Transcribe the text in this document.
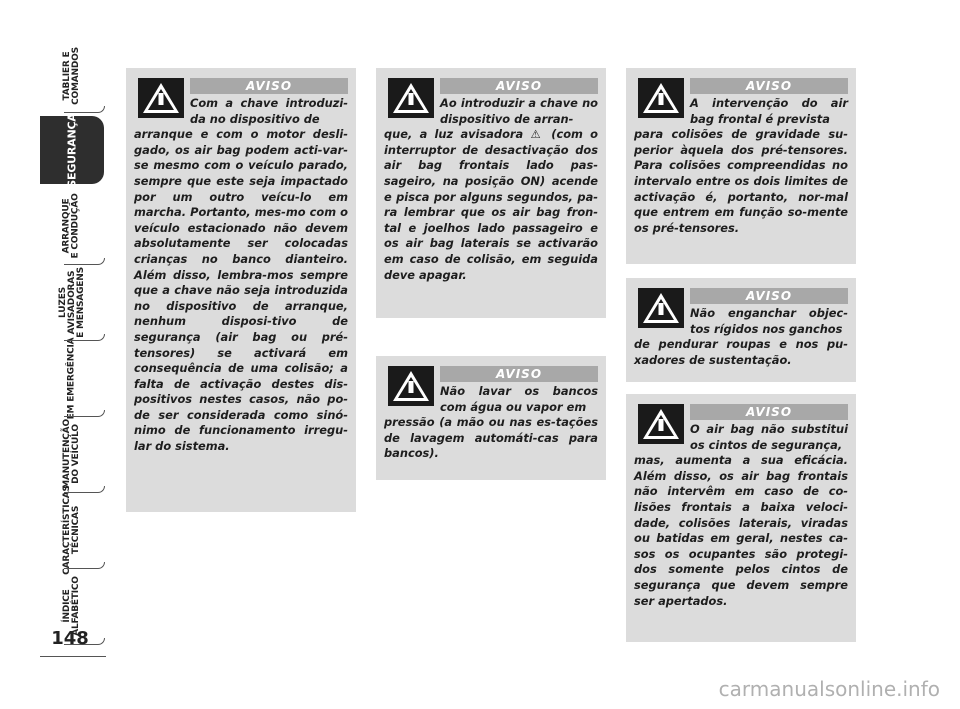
TABLIER E
COMANDOS
SEGURANÇA
ARRANQUE
E CONDUÇÃO
LUZES
AVISADORAS
E MENSAGENS
EM EMERGÊNCIA
MANUTENÇÃO
DO VEÍCULO
CARACTERÍSTICAS
TÉCNICAS
ÍNDICE
ALFABÉTICO
148
AVISO

Com a chave introduzi-da no dispositivo de

arranque e com o motor desli-gado, os air bag podem acti-var-se mesmo com o veículo parado, sempre que este seja impactado por um outro veícu-lo em marcha. Portanto, mes-mo com o veículo estacionado não devem absolutamente ser colocadas crianças no banco dianteiro. Além disso, lembra-mos sempre que a chave não seja introduzida no dispositivo de arranque, nenhum disposi-tivo de segurança (air bag ou pré-tensores) se activará em consequência de uma colisão; a falta de activação destes dis-positivos nestes casos, não po-de ser considerada como sinó-nimo de funcionamento irregu-lar do sistema.

AVISO

Ao introduzir a chave no dispositivo de arran-

que, a luz avisadora ⚠ (com o interruptor de desactivação dos air bag frontais lado pas-sageiro, na posição ON) acende e pisca por alguns segundos, pa-ra lembrar que os air bag fron-tal e joelhos lado passageiro e os air bag laterais se activarão em caso de colisão, em seguida deve apagar.

AVISO

Não lavar os bancos com água ou vapor em

pressão (a mão ou nas es-tações de lavagem automáti-cas para bancos).

AVISO

A intervenção do air bag frontal é prevista

para colisões de gravidade su-perior àquela dos pré-tensores. Para colisões compreendidas no intervalo entre os dois limites de activação é, portanto, nor-mal que entrem em função so-mente os pré-tensores.

AVISO

Não enganchar objec-tos rígidos nos ganchos

de pendurar roupas e nos pu-xadores de sustentação.

AVISO

O air bag não substitui os cintos de segurança,

mas, aumenta a sua eficácia. Além disso, os air bag frontais não intervêm em caso de co-lisões frontais a baixa veloci-dade, colisões laterais, viradas ou batidas em geral, nestes ca-sos os ocupantes são protegi-dos somente pelos cintos de segurança que devem sempre ser apertados.

carmanualsonline.info
